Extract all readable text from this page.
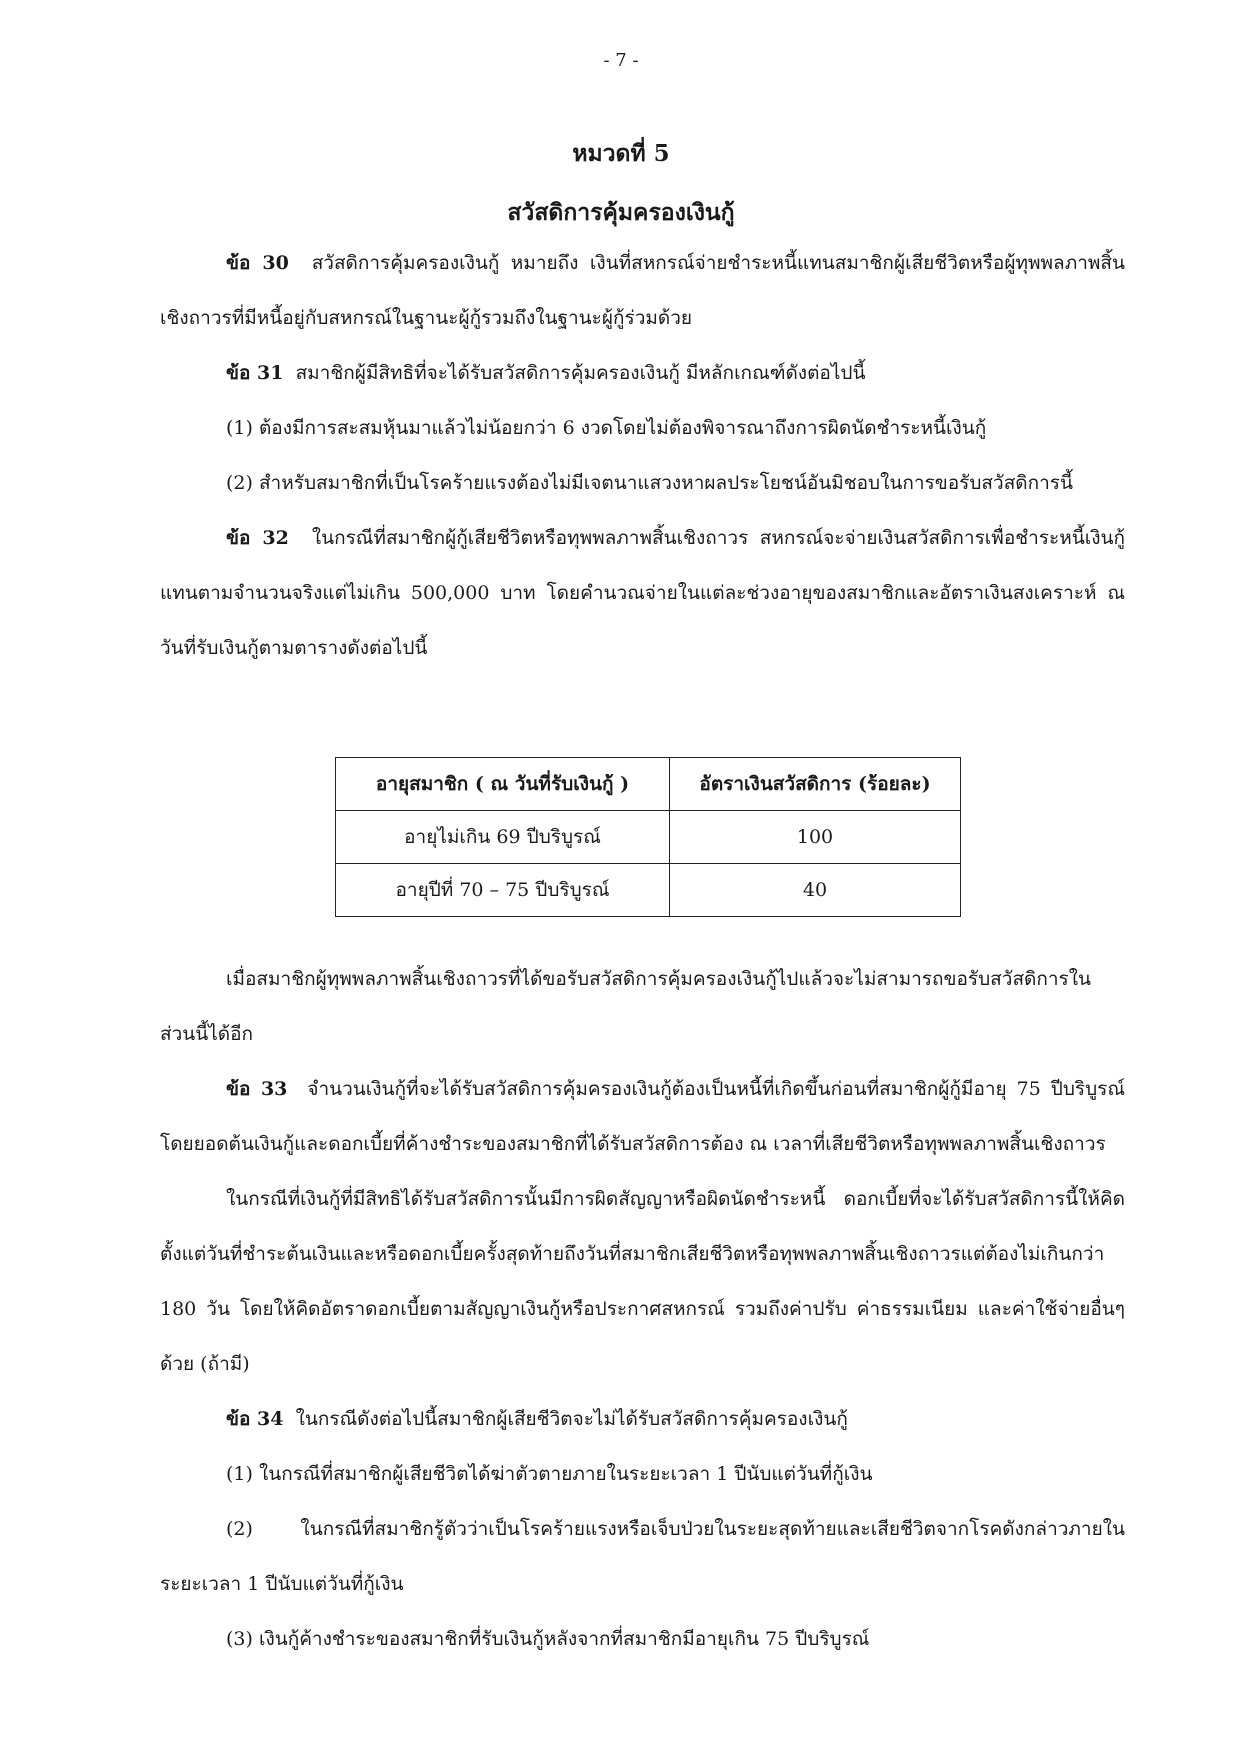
- 7 -
หมวดที่ 5
สวัสดิการคุ้มครองเงินกู้

ข้อ 30 สวัสดิการคุ้มครองเงินกู้ หมายถึง เงินที่สหกรณ์จ่ายชำระหนี้แทนสมาชิกผู้เสียชีวิตหรือผู้ทุพพลภาพสิ้นเชิงถาวรที่มีหนี้อยู่กับสหกรณ์ในฐานะผู้กู้รวมถึงในฐานะผู้กู้ร่วมด้วย

ข้อ 31 สมาชิกผู้มีสิทธิที่จะได้รับสวัสดิการคุ้มครองเงินกู้ มีหลักเกณฑ์ดังต่อไปนี้

(1) ต้องมีการสะสมหุ้นมาแล้วไม่น้อยกว่า 6 งวดโดยไม่ต้องพิจารณาถึงการผิดนัดชำระหนี้เงินกู้

(2) สำหรับสมาชิกที่เป็นโรคร้ายแรงต้องไม่มีเจตนาแสวงหาผลประโยชน์อันมิชอบในการขอรับสวัสดิการนี้

ข้อ 32 ในกรณีที่สมาชิกผู้กู้เสียชีวิตหรือทุพพลภาพสิ้นเชิงถาวร สหกรณ์จะจ่ายเงินสวัสดิการเพื่อชำระหนี้เงินกู้แทนตามจำนวนจริงแต่ไม่เกิน 500,000 บาท โดยคำนวณจ่ายในแต่ละช่วงอายุของสมาชิกและอัตราเงินสงเคราะห์ ณ วันที่รับเงินกู้ตามตารางดังต่อไปนี้

อายุสมาชิก ( ณ วันที่รับเงินกู้ )	อัตราเงินสวัสดิการ (ร้อยละ)
อายุไม่เกิน 69 ปีบริบูรณ์	100
อายุปีที่ 70 – 75 ปีบริบูรณ์	40

เมื่อสมาชิกผู้ทุพพลภาพสิ้นเชิงถาวรที่ได้ขอรับสวัสดิการคุ้มครองเงินกู้ไปแล้วจะไม่สามารถขอรับสวัสดิการในส่วนนี้ได้อีก

ข้อ 33 จำนวนเงินกู้ที่จะได้รับสวัสดิการคุ้มครองเงินกู้ต้องเป็นหนี้ที่เกิดขึ้นก่อนที่สมาชิกผู้กู้มีอายุ 75 ปีบริบูรณ์ โดยยอดต้นเงินกู้และดอกเบี้ยที่ค้างชำระของสมาชิกที่ได้รับสวัสดิการต้อง ณ เวลาที่เสียชีวิตหรือทุพพลภาพสิ้นเชิงถาวร

ในกรณีที่เงินกู้ที่มีสิทธิได้รับสวัสดิการนั้นมีการผิดสัญญาหรือผิดนัดชำระหนี้ ดอกเบี้ยที่จะได้รับสวัสดิการนี้ให้คิดตั้งแต่วันที่ชำระต้นเงินและหรือดอกเบี้ยครั้งสุดท้ายถึงวันที่สมาชิกเสียชีวิตหรือทุพพลภาพสิ้นเชิงถาวรแต่ต้องไม่เกินกว่า 180 วัน โดยให้คิดอัตราดอกเบี้ยตามสัญญาเงินกู้หรือประกาศสหกรณ์ รวมถึงค่าปรับ ค่าธรรมเนียม และค่าใช้จ่ายอื่นๆ ด้วย (ถ้ามี)

ข้อ 34 ในกรณีดังต่อไปนี้สมาชิกผู้เสียชีวิตจะไม่ได้รับสวัสดิการคุ้มครองเงินกู้

(1) ในกรณีที่สมาชิกผู้เสียชีวิตได้ฆ่าตัวตายภายในระยะเวลา 1 ปีนับแต่วันที่กู้เงิน

(2) ในกรณีที่สมาชิกรู้ตัวว่าเป็นโรคร้ายแรงหรือเจ็บป่วยในระยะสุดท้ายและเสียชีวิตจากโรคดังกล่าวภายในระยะเวลา 1 ปีนับแต่วันที่กู้เงิน

(3) เงินกู้ค้างชำระของสมาชิกที่รับเงินกู้หลังจากที่สมาชิกมีอายุเกิน 75 ปีบริบูรณ์
